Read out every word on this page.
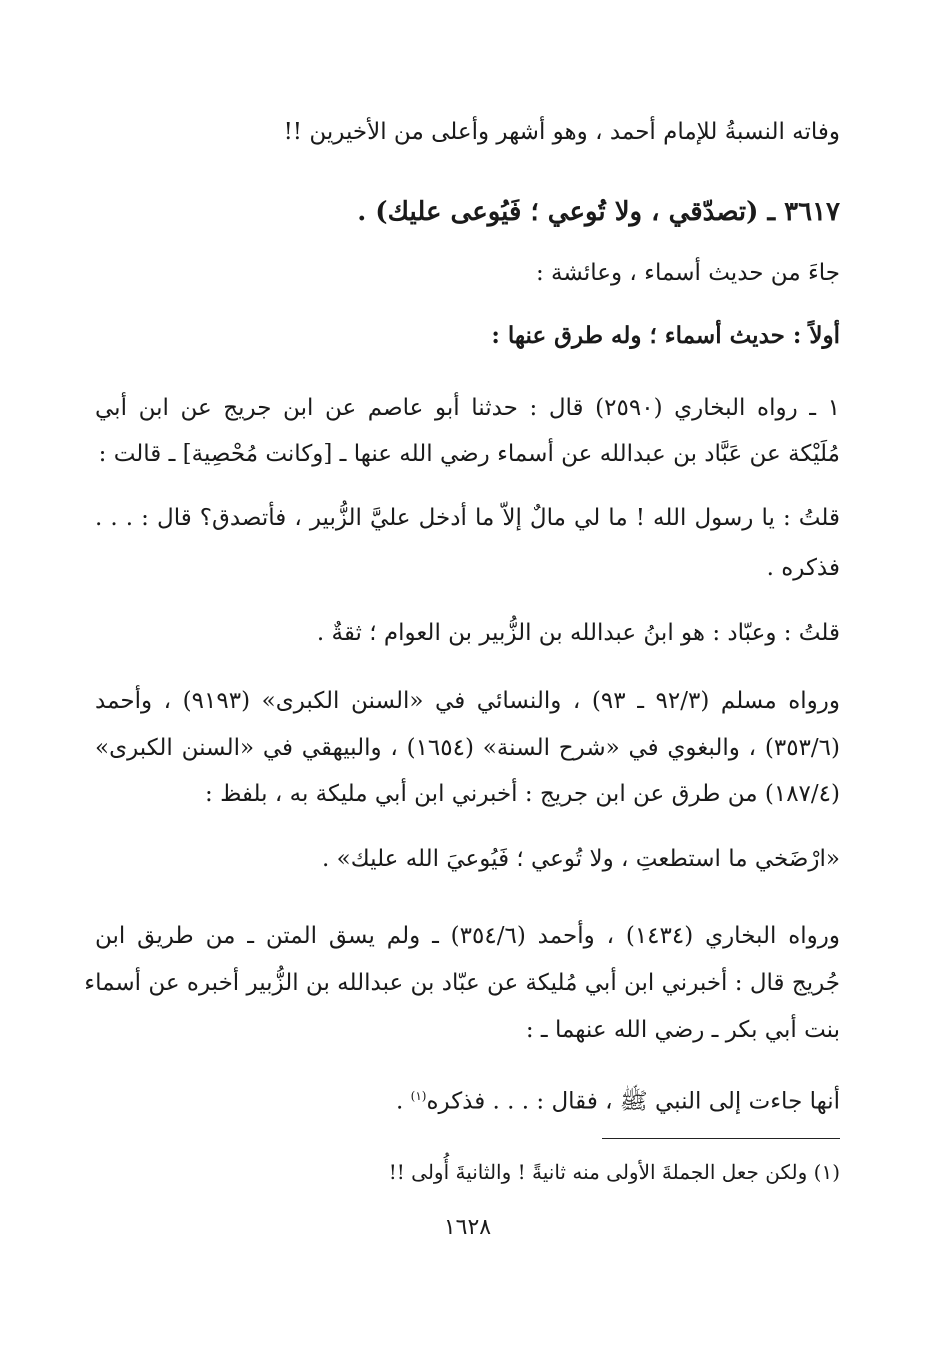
وفاته النسبةُ للإمام أحمد ، وهو أشهر وأعلى من الأخيرين !!
٣٦١٧ ـ (تصدّقي ، ولا تُوعي ؛ فَيُوعى عليك) .
جاءَ من حديث أسماء ، وعائشة :
أولاً : حديث أسماء ؛ وله طرق عنها :
١ ـ رواه البخاري (٢٥٩٠) قال : حدثنا أبو عاصم عن ابن جريج عن ابن أبي
مُلَيْكة عن عَبَّاد بن عبدالله عن أسماء رضي الله عنها ـ [وكانت مُحْصِية] ـ قالت :
قلتُ : يا رسول الله ! ما لي مالٌ إلاّ ما أدخل عليَّ الزُّبير ، فأتصدق؟ قال : . . .
فذكره .
قلتُ : وعبّاد : هو ابنُ عبدالله بن الزُّبير بن العوام ؛ ثقةٌ .
ورواه مسلم (٩٢/٣ ـ ٩٣) ، والنسائي في «السنن الكبرى» (٩١٩٣) ، وأحمد
(٣٥٣/٦) ، والبغوي في «شرح السنة» (١٦٥٤) ، والبيهقي في «السنن الكبرى»
(١٨٧/٤) من طرق عن ابن جريج : أخبرني ابن أبي مليكة به ، بلفظ :
«ارْضَخي ما استطعتِ ، ولا تُوعي ؛ فَيُوعيَ الله عليك» .
ورواه البخاري (١٤٣٤) ، وأحمد (٣٥٤/٦) ـ ولم يسق المتن ـ من طريق ابن
جُريج قال : أخبرني ابن أبي مُليكة عن عبّاد بن عبدالله بن الزُّبير أخبره عن أسماء
بنت أبي بكر ـ رضي الله عنهما ـ :
أنها جاءت إلى النبي ﷺ ، فقال : . . . فذكره$^{(١)}$ .
(١) ولكن جعل الجملةَ الأولى منه ثانيةً ! والثانيةَ أُولى !!
١٦٢٨
